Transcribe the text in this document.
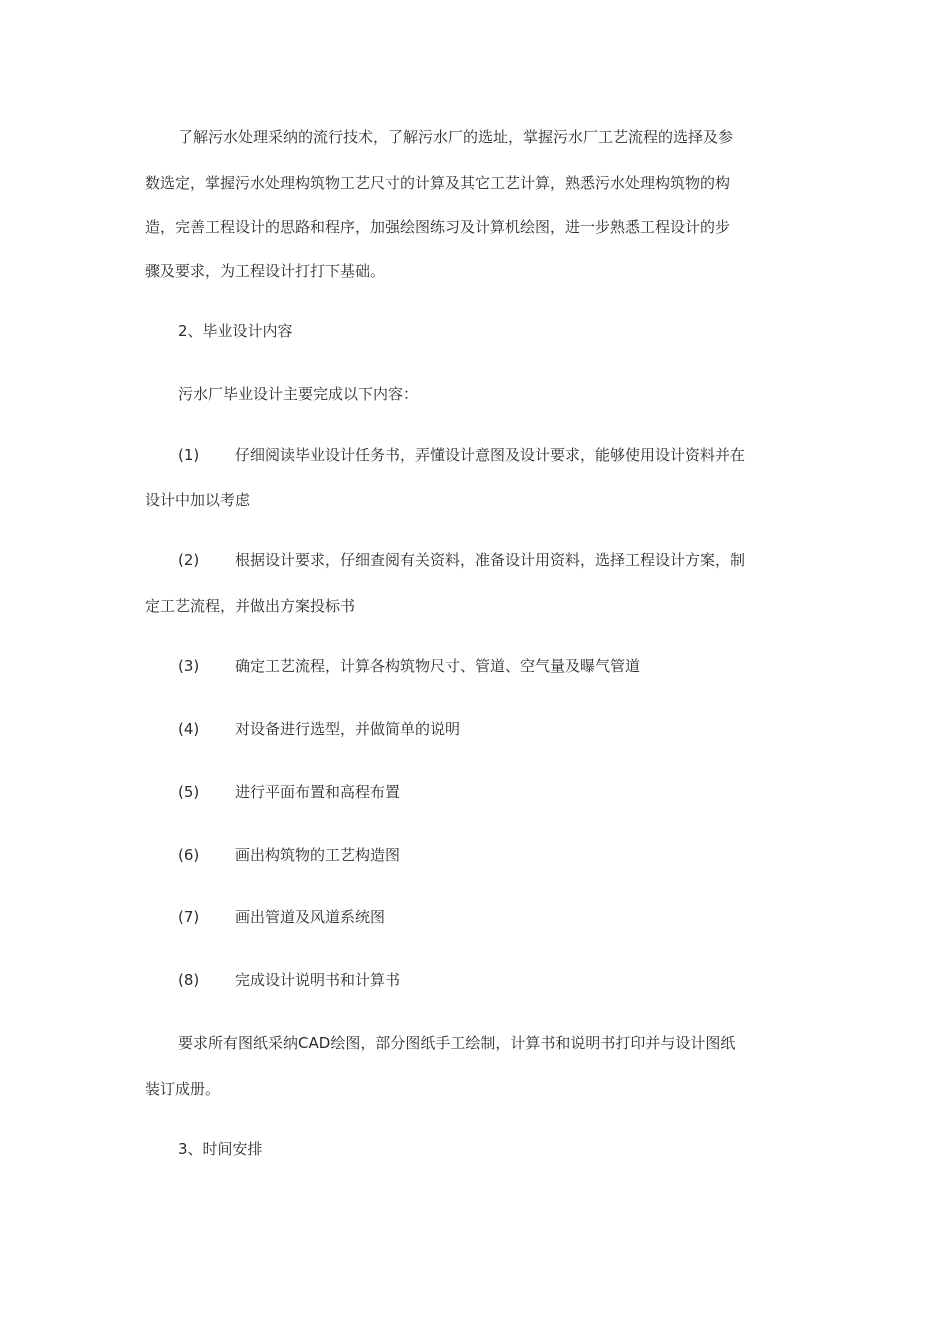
了解污水处理采纳的流行技术，了解污水厂的选址，掌握污水厂工艺流程的选择及参
数选定，掌握污水处理构筑物工艺尺寸的计算及其它工艺计算，熟悉污水处理构筑物的构
造，完善工程设计的思路和程序，加强绘图练习及计算机绘图，进一步熟悉工程设计的步
骤及要求，为工程设计打打下基础。
2、毕业设计内容
污水厂毕业设计主要完成以下内容：
(1) 仔细阅读毕业设计任务书，弄懂设计意图及设计要求，能够使用设计资料并在
设计中加以考虑
(2) 根据设计要求，仔细查阅有关资料，准备设计用资料，选择工程设计方案，制
定工艺流程，并做出方案投标书
(3) 确定工艺流程，计算各构筑物尺寸、管道、空气量及曝气管道
(4) 对设备进行选型，并做简单的说明
(5) 进行平面布置和高程布置
(6) 画出构筑物的工艺构造图
(7) 画出管道及风道系统图
(8) 完成设计说明书和计算书
要求所有图纸采纳CAD绘图，部分图纸手工绘制，计算书和说明书打印并与设计图纸
装订成册。
3、时间安排
